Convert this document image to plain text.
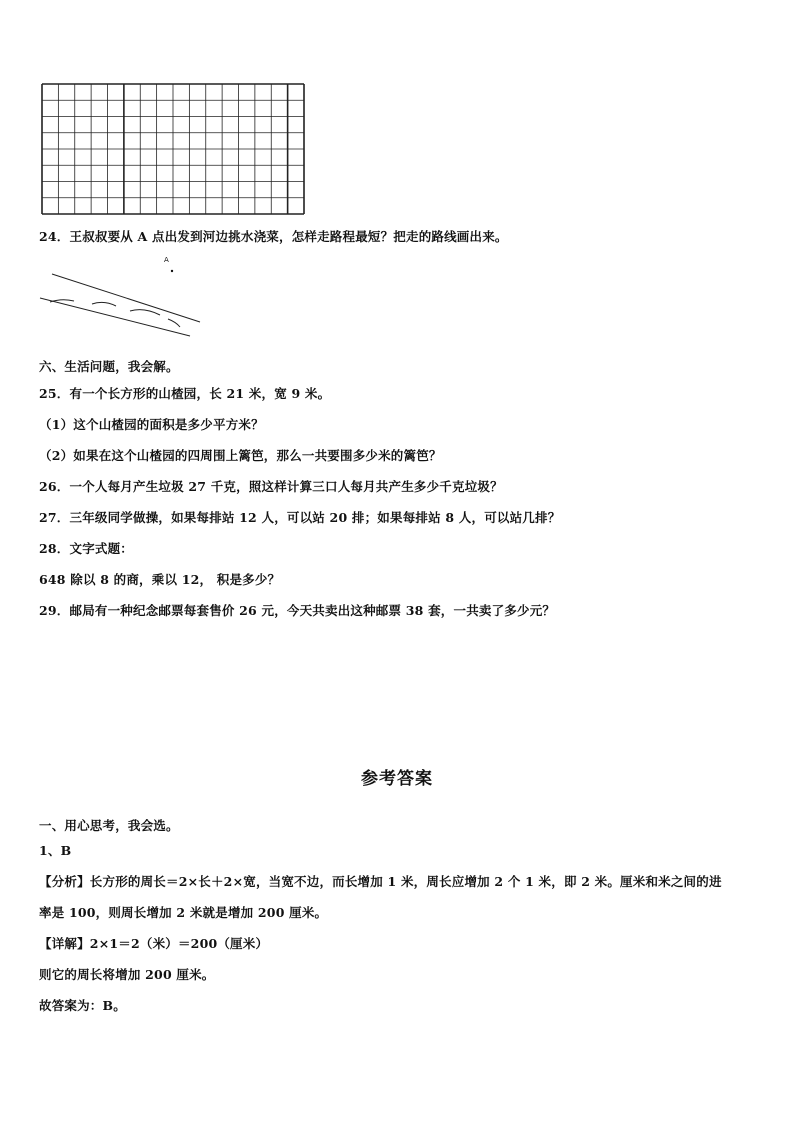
24．王叔叔要从 A 点出发到河边挑水浇菜，怎样走路程最短？把走的路线画出来。
A
六、生活问题，我会解。
25．有一个长方形的山楂园，长 21 米，宽 9 米。
（1）这个山楂园的面积是多少平方米？
（2）如果在这个山楂园的四周围上篱笆，那么一共要围多少米的篱笆？
26．一个人每月产生垃圾 27 千克，照这样计算三口人每月共产生多少千克垃圾？
27．三年级同学做操，如果每排站 12 人，可以站 20 排；如果每排站 8 人，可以站几排？
28．文字式题：
648 除以 8 的商，乘以 12， 积是多少？
29．邮局有一种纪念邮票每套售价 26 元，今天共卖出这种邮票 38 套，一共卖了多少元？
参考答案
一、用心思考，我会选。
1、B
【分析】长方形的周长＝2×长＋2×宽，当宽不边，而长增加 1 米，周长应增加 2 个 1 米，即 2 米。厘米和米之间的进
率是 100，则周长增加 2 米就是增加 200 厘米。
【详解】2×1＝2（米）＝200（厘米）
则它的周长将增加 200 厘米。
故答案为：B。
